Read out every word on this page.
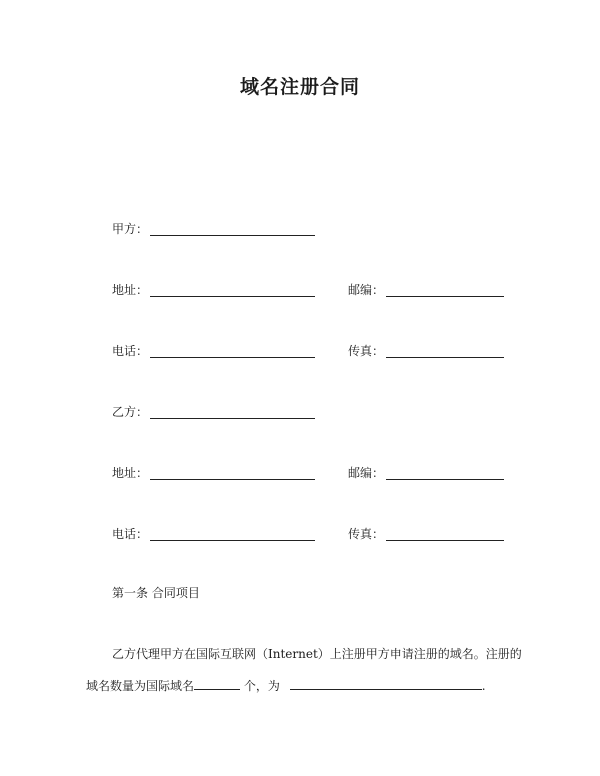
域名注册合同
甲方：
地址：	邮编：
电话：	传真：
乙方：
地址：	邮编：
电话：	传真：
第一条 合同项目
乙方代理甲方在国际互联网（Internet）上注册甲方申请注册的域名。注册的
域名数量为国际域名	个，为	.
